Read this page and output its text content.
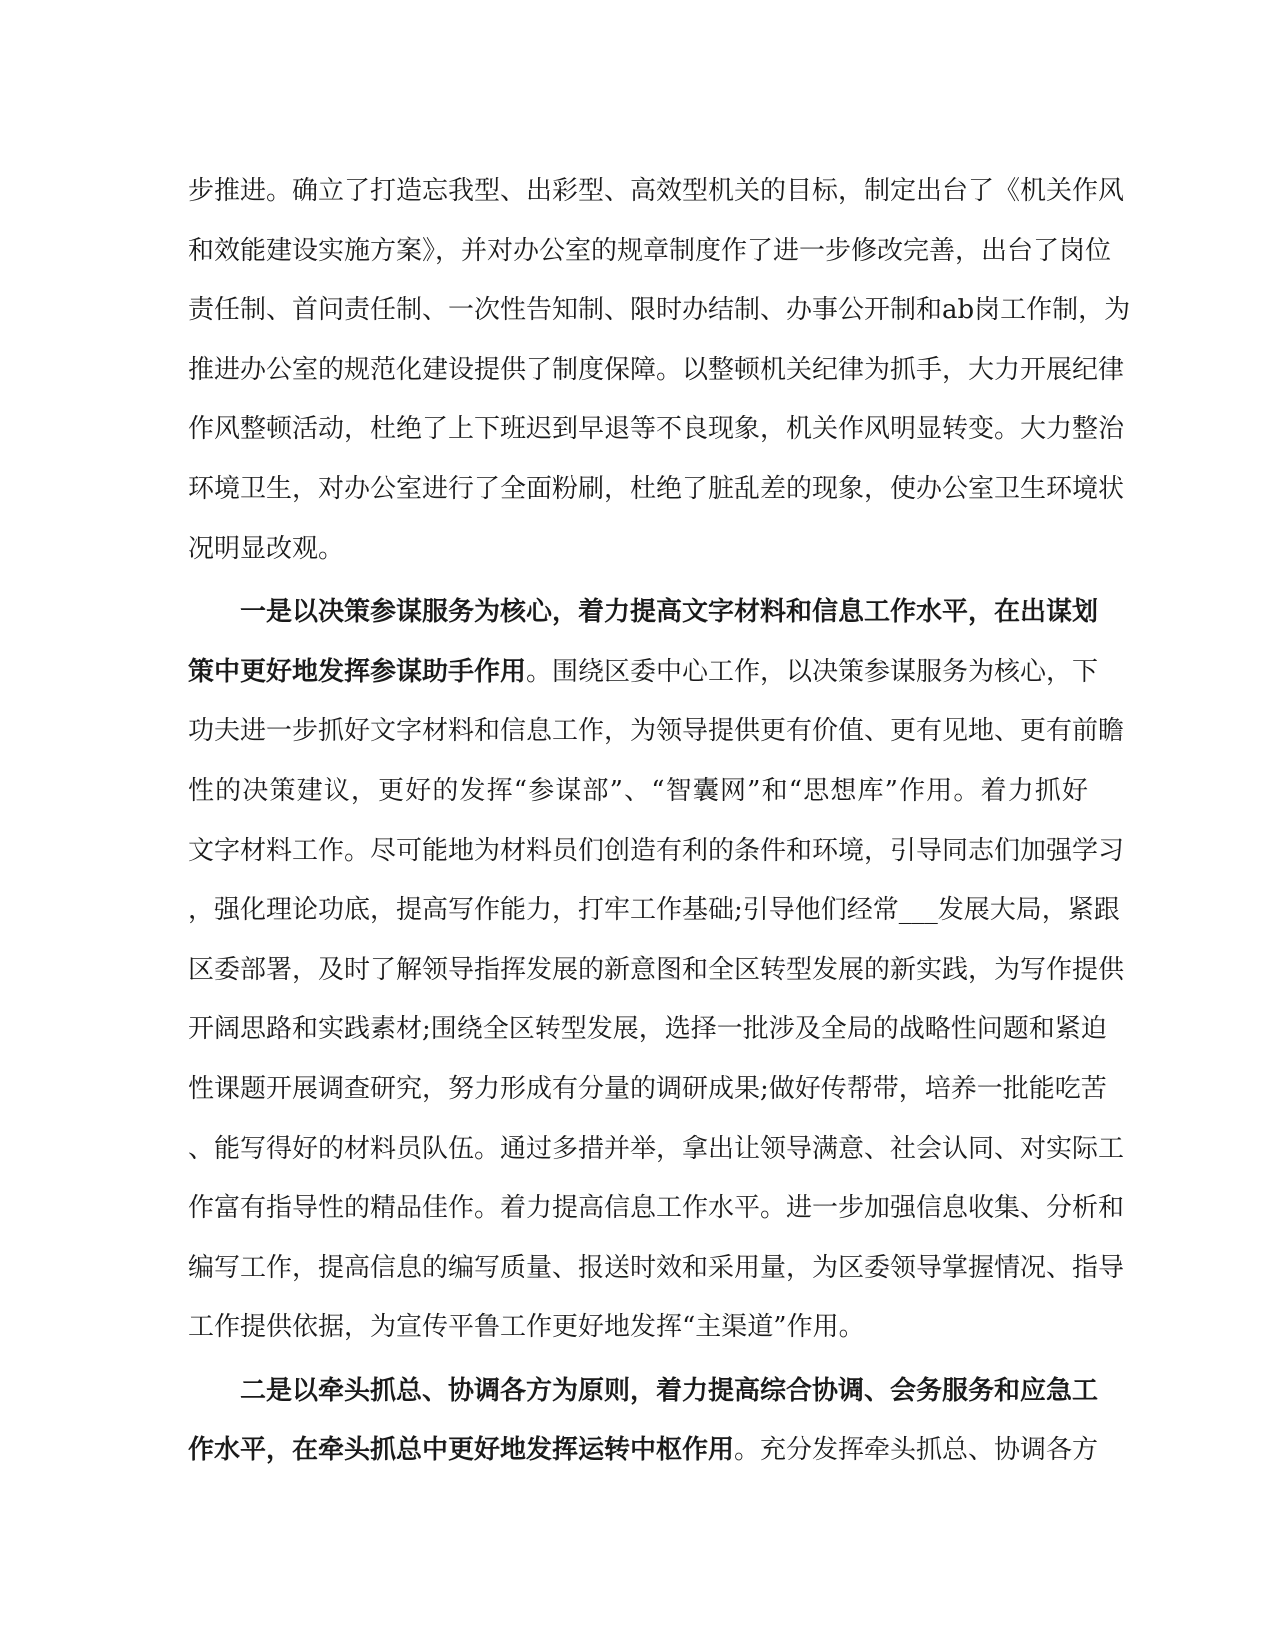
步推进。确立了打造忘我型、出彩型、高效型机关的目标，制定出台了《机关作风
和效能建设实施方案》，并对办公室的规章制度作了进一步修改完善，出台了岗位
责任制、首问责任制、一次性告知制、限时办结制、办事公开制和ab岗工作制，为
推进办公室的规范化建设提供了制度保障。以整顿机关纪律为抓手，大力开展纪律
作风整顿活动，杜绝了上下班迟到早退等不良现象，机关作风明显转变。大力整治
环境卫生，对办公室进行了全面粉刷，杜绝了脏乱差的现象，使办公室卫生环境状
况明显改观。
一是以决策参谋服务为核心，着力提高文字材料和信息工作水平，在出谋划
策中更好地发挥参谋助手作用。围绕区委中心工作，以决策参谋服务为核心，下
功夫进一步抓好文字材料和信息工作，为领导提供更有价值、更有见地、更有前瞻
性的决策建议，更好的发挥“参谋部”、“智囊网”和“思想库”作用。着力抓好
文字材料工作。尽可能地为材料员们创造有利的条件和环境，引导同志们加强学习
，强化理论功底，提高写作能力，打牢工作基础;引导他们经常___发展大局，紧跟
区委部署，及时了解领导指挥发展的新意图和全区转型发展的新实践，为写作提供
开阔思路和实践素材;围绕全区转型发展，选择一批涉及全局的战略性问题和紧迫
性课题开展调查研究，努力形成有分量的调研成果;做好传帮带，培养一批能吃苦
、能写得好的材料员队伍。通过多措并举，拿出让领导满意、社会认同、对实际工
作富有指导性的精品佳作。着力提高信息工作水平。进一步加强信息收集、分析和
编写工作，提高信息的编写质量、报送时效和采用量，为区委领导掌握情况、指导
工作提供依据，为宣传平鲁工作更好地发挥“主渠道”作用。
二是以牵头抓总、协调各方为原则，着力提高综合协调、会务服务和应急工
作水平，在牵头抓总中更好地发挥运转中枢作用。充分发挥牵头抓总、协调各方
